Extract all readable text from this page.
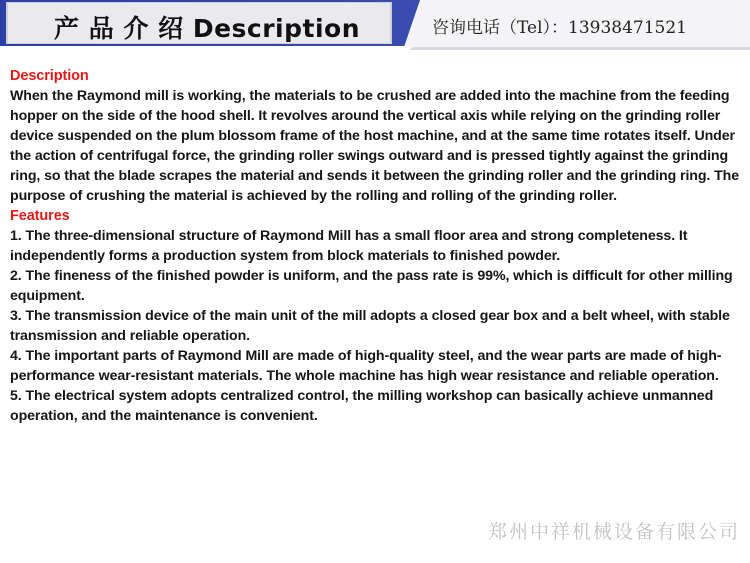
产 品 介 绍 Description	咨询电话（Tel）：13938471521
Description

When the Raymond mill is working, the materials to be crushed are added into the machine from the feeding hopper on the side of the hood shell. It revolves around the vertical axis while relying on the grinding roller device suspended on the plum blossom frame of the host machine, and at the same time rotates itself. Under the action of centrifugal force, the grinding roller swings outward and is pressed tightly against the grinding ring, so that the blade scrapes the material and sends it between the grinding roller and the grinding ring. The purpose of crushing the material is achieved by the rolling and rolling of the grinding roller.

Features

1. The three-dimensional structure of Raymond Mill has a small floor area and strong completeness. It independently forms a production system from block materials to finished powder.

2. The fineness of the finished powder is uniform, and the pass rate is 99%, which is difficult for other milling equipment.

3. The transmission device of the main unit of the mill adopts a closed gear box and a belt wheel, with stable transmission and reliable operation.

4. The important parts of Raymond Mill are made of high-quality steel, and the wear parts are made of high-performance wear-resistant materials. The whole machine has high wear resistance and reliable operation.

5. The electrical system adopts centralized control, the milling workshop can basically achieve unmanned operation, and the maintenance is convenient.

郑州中祥机械设备有限公司
